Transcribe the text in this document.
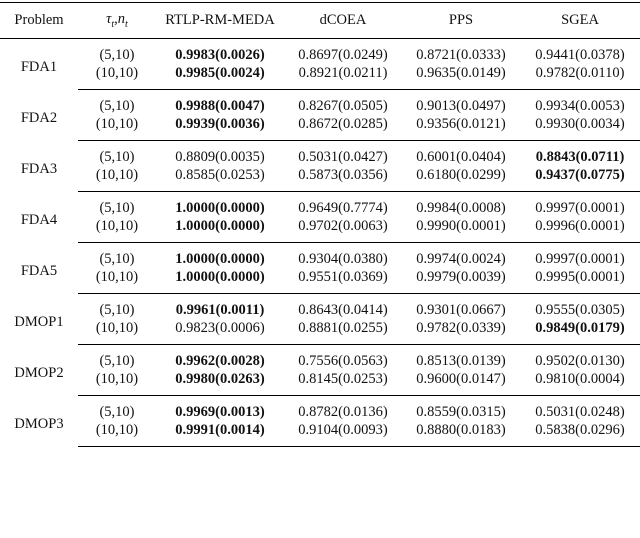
Problem	$\tau_t,n_t$	RTLP-RM-MEDA	dCOEA	PPS	SGEA
FDA1	(5,10)	0.9983(0.0026)	0.8697(0.0249)	0.8721(0.0333)	0.9441(0.0378)
	(10,10)	0.9985(0.0024)	0.8921(0.0211)	0.9635(0.0149)	0.9782(0.0110)
FDA2	(5,10)	0.9988(0.0047)	0.8267(0.0505)	0.9013(0.0497)	0.9934(0.0053)
	(10,10)	0.9939(0.0036)	0.8672(0.0285)	0.9356(0.0121)	0.9930(0.0034)
FDA3	(5,10)	0.8809(0.0035)	0.5031(0.0427)	0.6001(0.0404)	0.8843(0.0711)
	(10,10)	0.8585(0.0253)	0.5873(0.0356)	0.6180(0.0299)	0.9437(0.0775)
FDA4	(5,10)	1.0000(0.0000)	0.9649(0.7774)	0.9984(0.0008)	0.9997(0.0001)
	(10,10)	1.0000(0.0000)	0.9702(0.0063)	0.9990(0.0001)	0.9996(0.0001)
FDA5	(5,10)	1.0000(0.0000)	0.9304(0.0380)	0.9974(0.0024)	0.9997(0.0001)
	(10,10)	1.0000(0.0000)	0.9551(0.0369)	0.9979(0.0039)	0.9995(0.0001)
DMOP1	(5,10)	0.9961(0.0011)	0.8643(0.0414)	0.9301(0.0667)	0.9555(0.0305)
	(10,10)	0.9823(0.0006)	0.8881(0.0255)	0.9782(0.0339)	0.9849(0.0179)
DMOP2	(5,10)	0.9962(0.0028)	0.7556(0.0563)	0.8513(0.0139)	0.9502(0.0130)
	(10,10)	0.9980(0.0263)	0.8145(0.0253)	0.9600(0.0147)	0.9810(0.0004)
DMOP3	(5,10)	0.9969(0.0013)	0.8782(0.0136)	0.8559(0.0315)	0.5031(0.0248)
	(10,10)	0.9991(0.0014)	0.9104(0.0093)	0.8880(0.0183)	0.5838(0.0296)
